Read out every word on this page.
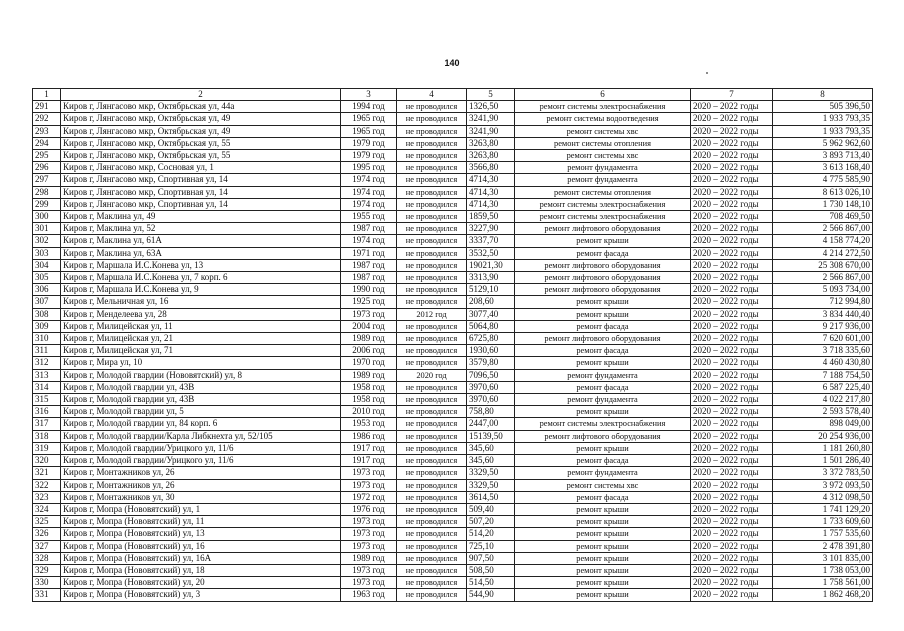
140
1	2	3	4	5	6	7	8
291	Киров г, Лянгасово мкр, Октябрьская ул, 44а	1994 год	не проводился	1326,50	ремонт системы электроснабжения	2020 – 2022 годы	505 396,50
292	Киров г, Лянгасово мкр, Октябрьская ул, 49	1965 год	не проводился	3241,90	ремонт системы водоотведения	2020 – 2022 годы	1 933 793,35
293	Киров г, Лянгасово мкр, Октябрьская ул, 49	1965 год	не проводился	3241,90	ремонт системы хвс	2020 – 2022 годы	1 933 793,35
294	Киров г, Лянгасово мкр, Октябрьская ул, 55	1979 год	не проводился	3263,80	ремонт системы отопления	2020 – 2022 годы	5 962 962,60
295	Киров г, Лянгасово мкр, Октябрьская ул, 55	1979 год	не проводился	3263,80	ремонт системы хвс	2020 – 2022 годы	3 893 713,40
296	Киров г, Лянгасово мкр, Сосновая ул, 1	1995 год	не проводился	3566,80	ремонт фундамента	2020 – 2022 годы	3 613 168,40
297	Киров г, Лянгасово мкр, Спортивная ул, 14	1974 год	не проводился	4714,30	ремонт фундамента	2020 – 2022 годы	4 775 585,90
298	Киров г, Лянгасово мкр, Спортивная ул, 14	1974 год	не проводился	4714,30	ремонт системы отопления	2020 – 2022 годы	8 613 026,10
299	Киров г, Лянгасово мкр, Спортивная ул, 14	1974 год	не проводился	4714,30	ремонт системы электроснабжения	2020 – 2022 годы	1 730 148,10
300	Киров г, Маклина ул, 49	1955 год	не проводился	1859,50	ремонт системы электроснабжения	2020 – 2022 годы	708 469,50
301	Киров г, Маклина ул, 52	1987 год	не проводился	3227,90	ремонт лифтового оборудования	2020 – 2022 годы	2 566 867,00
302	Киров г, Маклина ул, 61А	1974 год	не проводился	3337,70	ремонт крыши	2020 – 2022 годы	4 158 774,20
303	Киров г, Маклина ул, 63А	1971 год	не проводился	3532,50	ремонт фасада	2020 – 2022 годы	4 214 272,50
304	Киров г, Маршала И.С.Конева ул, 13	1987 год	не проводился	19021,30	ремонт лифтового оборудования	2020 – 2022 годы	25 308 670,00
305	Киров г, Маршала И.С.Конева ул, 7 корп. 6	1987 год	не проводился	3313,90	ремонт лифтового оборудования	2020 – 2022 годы	2 566 867,00
306	Киров г, Маршала И.С.Конева ул, 9	1990 год	не проводился	5129,10	ремонт лифтового оборудования	2020 – 2022 годы	5 093 734,00
307	Киров г, Мельничная ул, 16	1925 год	не проводился	208,60	ремонт крыши	2020 – 2022 годы	712 994,80
308	Киров г, Менделеева ул, 28	1973 год	2012 год	3077,40	ремонт крыши	2020 – 2022 годы	3 834 440,40
309	Киров г, Милицейская ул, 11	2004 год	не проводился	5064,80	ремонт фасада	2020 – 2022 годы	9 217 936,00
310	Киров г, Милицейская ул, 21	1989 год	не проводился	6725,80	ремонт лифтового оборудования	2020 – 2022 годы	7 620 601,00
311	Киров г, Милицейская ул, 71	2006 год	не проводился	1930,60	ремонт фасада	2020 – 2022 годы	3 718 335,60
312	Киров г, Мира ул, 10	1970 год	не проводился	3579,80	ремонт крыши	2020 – 2022 годы	4 460 430,80
313	Киров г, Молодой гвардии (Нововятский) ул, 8	1989 год	2020 год	7096,50	ремонт фундамента	2020 – 2022 годы	7 188 754,50
314	Киров г, Молодой гвардии ул, 43В	1958 год	не проводился	3970,60	ремонт фасада	2020 – 2022 годы	6 587 225,40
315	Киров г, Молодой гвардии ул, 43В	1958 год	не проводился	3970,60	ремонт фундамента	2020 – 2022 годы	4 022 217,80
316	Киров г, Молодой гвардии ул, 5	2010 год	не проводился	758,80	ремонт крыши	2020 – 2022 годы	2 593 578,40
317	Киров г, Молодой гвардии ул, 84 корп. 6	1953 год	не проводился	2447,00	ремонт системы электроснабжения	2020 – 2022 годы	898 049,00
318	Киров г, Молодой гвардии/Карла Либкнехта ул, 52/105	1986 год	не проводился	15139,50	ремонт лифтового оборудования	2020 – 2022 годы	20 254 936,00
319	Киров г, Молодой гвардии/Урицкого ул, 11/6	1917 год	не проводился	345,60	ремонт крыши	2020 – 2022 годы	1 181 260,80
320	Киров г, Молодой гвардии/Урицкого ул, 11/6	1917 год	не проводился	345,60	ремонт фасада	2020 – 2022 годы	1 501 286,40
321	Киров г, Монтажников ул, 26	1973 год	не проводился	3329,50	ремонт фундамента	2020 – 2022 годы	3 372 783,50
322	Киров г, Монтажников ул, 26	1973 год	не проводился	3329,50	ремонт системы хвс	2020 – 2022 годы	3 972 093,50
323	Киров г, Монтажников ул, 30	1972 год	не проводился	3614,50	ремонт фасада	2020 – 2022 годы	4 312 098,50
324	Киров г, Мопра (Нововятский) ул, 1	1976 год	не проводился	509,40	ремонт крыши	2020 – 2022 годы	1 741 129,20
325	Киров г, Мопра (Нововятский) ул, 11	1973 год	не проводился	507,20	ремонт крыши	2020 – 2022 годы	1 733 609,60
326	Киров г, Мопра (Нововятский) ул, 13	1973 год	не проводился	514,20	ремонт крыши	2020 – 2022 годы	1 757 535,60
327	Киров г, Мопра (Нововятский) ул, 16	1973 год	не проводился	725,10	ремонт крыши	2020 – 2022 годы	2 478 391,80
328	Киров г, Мопра (Нововятский) ул, 16А	1989 год	не проводился	907,50	ремонт крыши	2020 – 2022 годы	3 101 835,00
329	Киров г, Мопра (Нововятский) ул, 18	1973 год	не проводился	508,50	ремонт крыши	2020 – 2022 годы	1 738 053,00
330	Киров г, Мопра (Нововятский) ул, 20	1973 год	не проводился	514,50	ремонт крыши	2020 – 2022 годы	1 758 561,00
331	Киров г, Мопра (Нововятский) ул, 3	1963 год	не проводился	544,90	ремонт крыши	2020 – 2022 годы	1 862 468,20
